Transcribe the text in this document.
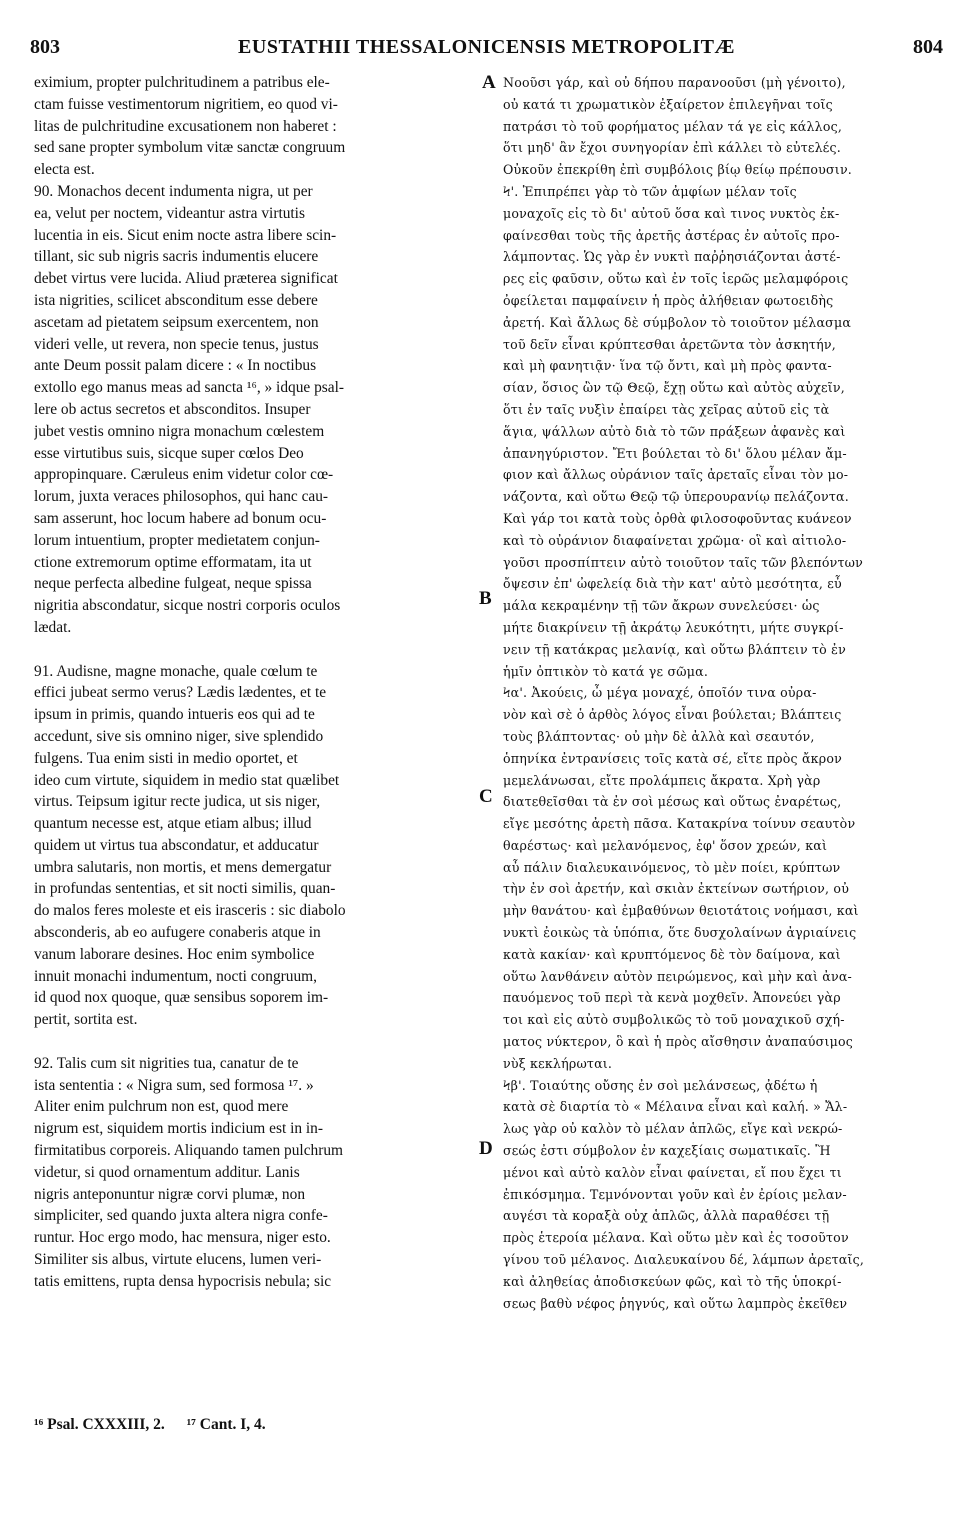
803	EUSTATHII THESSALONICENSIS METROPOLITÆ	804
eximium, propter pulchritudinem a patribus ele-
ctam fuisse vestimentorum nigritiem, eo quod vi-
litas de pulchritudine excusationem non haberet :
sed sane propter symbolum vitæ sanctæ congruum
electa est.
90. Monachos decent indumenta nigra, ut per
ea, velut per noctem, videantur astra virtutis
lucentia in eis. Sicut enim nocte astra libere scin-
tillant, sic sub nigris sacris indumentis elucere
debet virtus vere lucida. Aliud præterea significat
ista nigrities, scilicet absconditum esse debere
ascetam ad pietatem seipsum exercentem, non
videri velle, ut revera, non specie tenus, justus
ante Deum possit palam dicere : « In noctibus
extollo ego manus meas ad sancta ¹⁶, » idque psal-
lere ob actus secretos et absconditos. Insuper
jubet vestis omnino nigra monachum cœlestem
esse virtutibus suis, sicque super cœlos Deo
appropinquare. Cæruleus enim videtur color cœ-
lorum, juxta veraces philosophos, qui hanc cau-
sam asserunt, hoc locum habere ad bonum ocu-
lorum intuentium, propter medietatem conjun-
ctione extremorum optime efformatam, ita ut
neque perfecta albedine fulgeat, neque spissa
nigritia abscondatur, sicque nostri corporis oculos
lædat.
91. Audisne, magne monache, quale cœlum te
effici jubeat sermo verus? Lædis lædentes, et te
ipsum in primis, quando intueris eos qui ad te
accedunt, sive sis omnino niger, sive splendido
fulgens. Tua enim sisti in medio oportet, et
ideo cum virtute, siquidem in medio stat quælibet
virtus. Teipsum igitur recte judica, ut sis niger,
quantum necesse est, atque etiam albus; illud
quidem ut virtus tua abscondatur, et adducatur
umbra salutaris, non mortis, et mens demergatur
in profundas sententias, et sit nocti similis, quan-
do malos feres moleste et eis irasceris : sic diabolo
absconderis, ab eo aufugere conaberis atque in
vanum laborare desines. Hoc enim symbolice
innuit monachi indumentum, nocti congruum,
id quod nox quoque, quæ sensibus soporem im-
pertit, sortita est.
92. Talis cum sit nigrities tua, canatur de te
ista sententia : « Nigra sum, sed formosa ¹⁷. »
Aliter enim pulchrum non est, quod mere
nigrum est, siquidem mortis indicium est in in-
firmitatibus corporeis. Aliquando tamen pulchrum
videtur, si quod ornamentum additur. Lanis
nigris anteponuntur nigræ corvi plumæ, non
simpliciter, sed quando juxta altera nigra confe-
runtur. Hoc ergo modo, hac mensura, niger esto.
Similiter sis albus, virtute elucens, lumen veri-
tatis emittens, rupta densa hypocrisis nebula; sic
A
B
C
D
Νοοῦσι γάρ, καὶ οὐ δήπου παρανοοῦσι (μὴ γένοιτο),
οὐ κατά τι χρωματικὸν ἐξαίρετον ἐπιλεγῆναι τοῖς
πατράσι τὸ τοῦ φορήματος μέλαν τά γε εἰς κάλλος,
ὅτι μηδ' ἂν ἔχοι συνηγορίαν ἐπὶ κάλλει τὸ εὐτελές.
Οὐκοῦν ἐπεκρίθη ἐπὶ συμβόλοις βίῳ θείῳ πρέπουσιν.
Ϟ'. Ἐπιπρέπει γὰρ τὸ τῶν ἀμφίων μέλαν τοῖς
μοναχοῖς εἰς τὸ δι' αὐτοῦ ὅσα καὶ τινος νυκτὸς ἐκ-
φαίνεσθαι τοὺς τῆς ἀρετῆς ἀστέρας ἐν αὐτοῖς προ-
λάμποντας. Ὡς γὰρ ἐν νυκτὶ παῤῥησιάζονται ἀστέ-
ρες εἰς φαῦσιν, οὕτω καὶ ἐν τοῖς ἱερῶς μελαμφόροις
ὀφείλεται παμφαίνειν ἡ πρὸς ἀλήθειαν φωτοειδὴς
ἀρετή. Καὶ ἄλλως δὲ σύμβολον τὸ τοιοῦτον μέλασμα
τοῦ δεῖν εἶναι κρύπτεσθαι ἀρετῶντα τὸν ἀσκητήν,
καὶ μὴ φανητιᾷν· ἵνα τῷ ὄντι, καὶ μὴ πρὸς φαντα-
σίαν, ὅσιος ὢν τῷ Θεῷ, ἔχῃ οὕτω καὶ αὐτὸς αὐχεῖν,
ὅτι ἐν ταῖς νυξὶν ἐπαίρει τὰς χεῖρας αὐτοῦ εἰς τὰ
ἅγια, ψάλλων αὐτὸ διὰ τὸ τῶν πράξεων ἀφανὲς καὶ
ἀπανηγύριστον. Ἔτι βούλεται τὸ δι' ὅλου μέλαν ἄμ-
φιον καὶ ἄλλως οὐράνιον ταῖς ἀρεταῖς εἶναι τὸν μο-
νάζοντα, καὶ οὕτω Θεῷ τῷ ὑπερουρανίῳ πελάζοντα.
Καὶ γάρ τοι κατὰ τοὺς ὀρθὰ φιλοσοφοῦντας κυάνεον
καὶ τὸ οὐράνιον διαφαίνεται χρῶμα· οἳ καὶ αἰτιολο-
γοῦσι προσπίπτειν αὐτὸ τοιοῦτον ταῖς τῶν βλεπόντων
ὄψεσιν ἐπ' ὠφελείᾳ διὰ τὴν κατ' αὐτὸ μεσότητα, εὖ
μάλα κεκραμένην τῇ τῶν ἄκρων συνελεύσει· ὡς
μήτε διακρίνειν τῇ ἀκράτῳ λευκότητι, μήτε συγκρί-
νειν τῇ κατάκρας μελανίᾳ, καὶ οὕτω βλάπτειν τὸ ἐν
ἡμῖν ὀπτικὸν τὸ κατά γε σῶμα.
Ϟα'. Ἀκούεις, ὦ μέγα μοναχέ, ὁποῖόν τινα οὐρα-
νὸν καὶ σὲ ὁ ἀρθὸς λόγος εἶναι βούλεται; Βλάπτεις
τοὺς βλάπτοντας· οὐ μὴν δὲ ἀλλὰ καὶ σεαυτόν,
ὁπηνίκα ἐντρανίσεις τοῖς κατὰ σέ, εἴτε πρὸς ἄκρον
μεμελάνωσαι, εἴτε προλάμπεις ἄκρατα. Χρὴ γὰρ
διατεθεῖσθαι τὰ ἐν σοὶ μέσως καὶ οὕτως ἐναρέτως,
εἴγε μεσότης ἀρετὴ πᾶσα. Κατακρίνα τοίνυν σεαυτὸν
θαρέστως· καὶ μελανόμενος, ἐφ' ὅσον χρεών, καὶ
αὖ πάλιν διαλευκαινόμενος, τὸ μὲν ποίει, κρύπτων
τὴν ἐν σοὶ ἀρετήν, καὶ σκιὰν ἐκτείνων σωτήριον, οὐ
μὴν θανάτου· καὶ ἐμβαθύνων θειοτάτοις νοήμασι, καὶ
νυκτὶ ἐοικὼς τὰ ὑπόπια, ὅτε δυσχολαίνων ἀγριαίνεις
κατὰ κακίαν· καὶ κρυπτόμενος δὲ τὸν δαίμονα, καὶ
οὕτω λανθάνειν αὐτὸν πειρώμενος, καὶ μὴν καὶ ἀνα-
παυόμενος τοῦ περὶ τὰ κενὰ μοχθεῖν. Ἀπονεύει γὰρ
τοι καὶ εἰς αὐτὸ συμβολικῶς τὸ τοῦ μοναχικοῦ σχή-
ματος νύκτερον, ὃ καὶ ἡ πρὸς αἴσθησιν ἀναπαύσιμος
νὺξ κεκλήρωται.
Ϟβ'. Τοιαύτης οὔσης ἐν σοὶ μελάνσεως, ᾀδέτω ἡ
κατὰ σὲ διαρτία τὸ « Μέλαινα εἶναι καὶ καλή. » Ἄλ-
λως γὰρ οὐ καλὸν τὸ μέλαν ἁπλῶς, εἴγε καὶ νεκρώ-
σεώς ἐστι σύμβολον ἐν καχεξίαις σωματικαῖς. Ἢ
μένοι καὶ αὐτὸ καλὸν εἶναι φαίνεται, εἴ που ἔχει τι
ἐπικόσμημα. Τεμνόνονται γοῦν καὶ ἐν ἐρίοις μελαν-
αυγέσι τὰ κοραξὰ οὐχ ἁπλῶς, ἀλλὰ παραθέσει τῇ
πρὸς ἑτεροία μέλανα. Καὶ οὕτω μὲν καὶ ἐς τοσοῦτον
γίνου τοῦ μέλανος. Διαλευκαίνου δέ, λάμπων ἀρεταῖς,
καὶ ἀληθείας ἀποδισκεύων φῶς, καὶ τὸ τῆς ὑποκρί-
σεως βαθὺ νέφος ῥηγνύς, καὶ οὕτω λαμπρὸς ἐκεῖθεν
¹⁶ Psal. CXXXIII, 2. ¹⁷ Cant. I, 4.
